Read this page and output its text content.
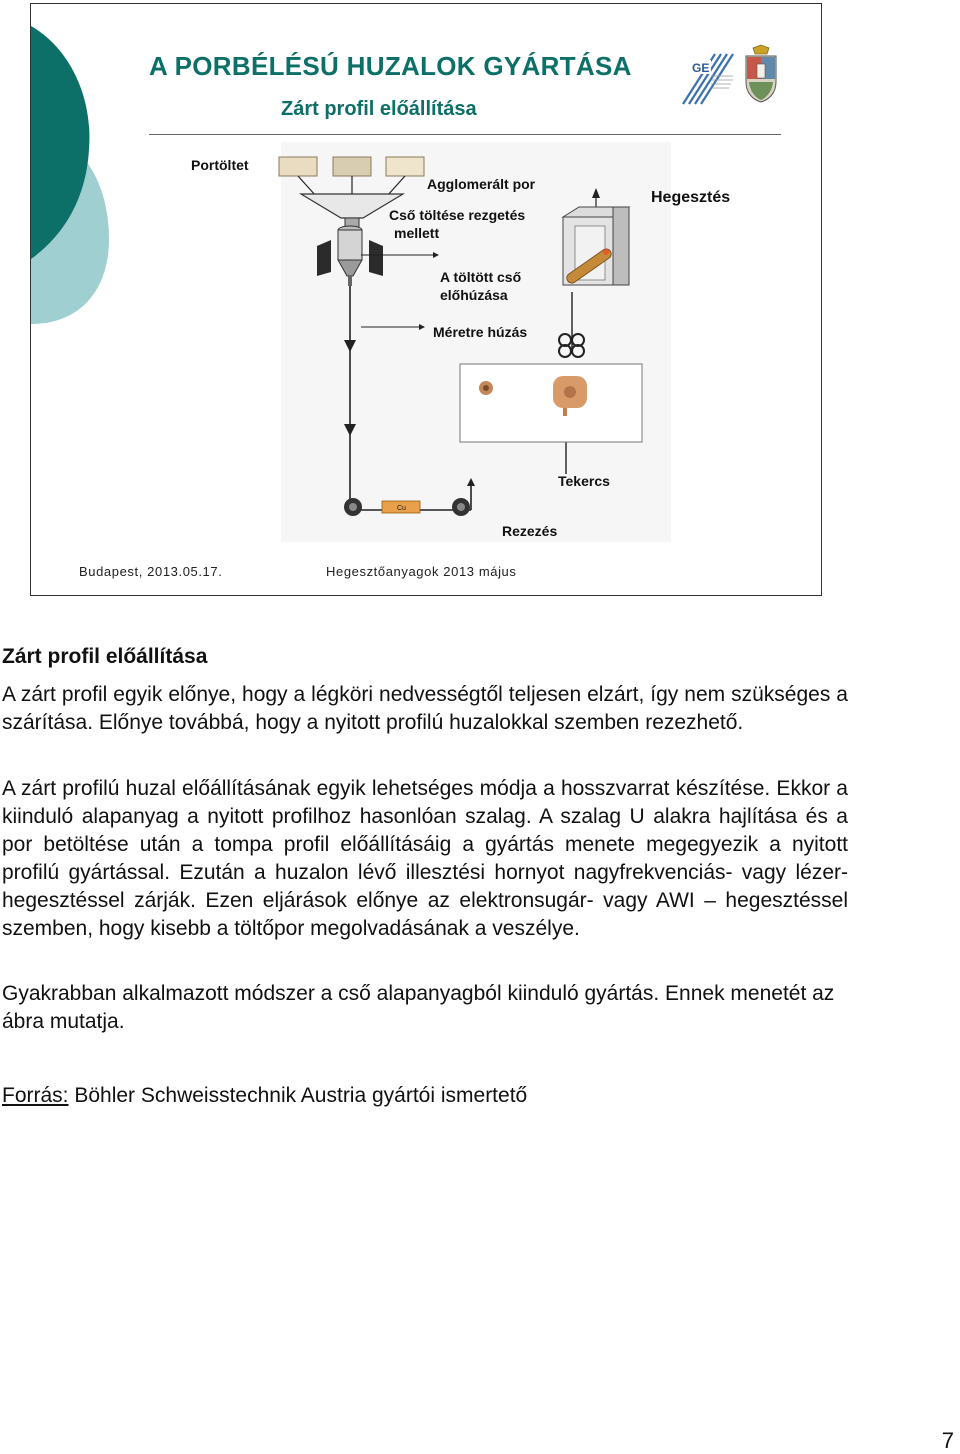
A PORBÉLÉSÚ HUZALOK GYÁRTÁSA
Zárt profil előállítása
GE
Cu
Portöltet
Agglomerált por
Cső töltése rezgetés
mellett
Hegesztés
A töltött cső
előhúzása
Méretre húzás
Tekercs
Rezezés
Budapest, 2013.05.17.	Hegesztőanyagok 2013 május
Zárt profil előállítása
A zárt profil egyik előnye, hogy a légköri nedvességtől teljesen elzárt, így nem szükséges a szárítása. Előnye továbbá, hogy a nyitott profilú huzalokkal szemben rezezhető.
A zárt profilú huzal előállításának egyik lehetséges módja a hosszvarrat készítése. Ekkor a kiinduló alapanyag a nyitott profilhoz hasonlóan szalag. A szalag U alakra hajlítása és a por betöltése után a tompa profil előállításáig a gyártás menete megegyezik a nyitott profilú gyártással. Ezután a huzalon lévő illesztési hornyot nagyfrekvenciás- vagy lézer-hegesztéssel zárják. Ezen eljárások előnye az elektronsugár- vagy AWI – hegesztéssel szemben, hogy kisebb a töltőpor megolvadásának a veszélye.
Gyakrabban alkalmazott módszer a cső alapanyagból kiinduló gyártás. Ennek menetét az ábra mutatja.
Forrás: Böhler Schweisstechnik Austria gyártói ismertető
7
